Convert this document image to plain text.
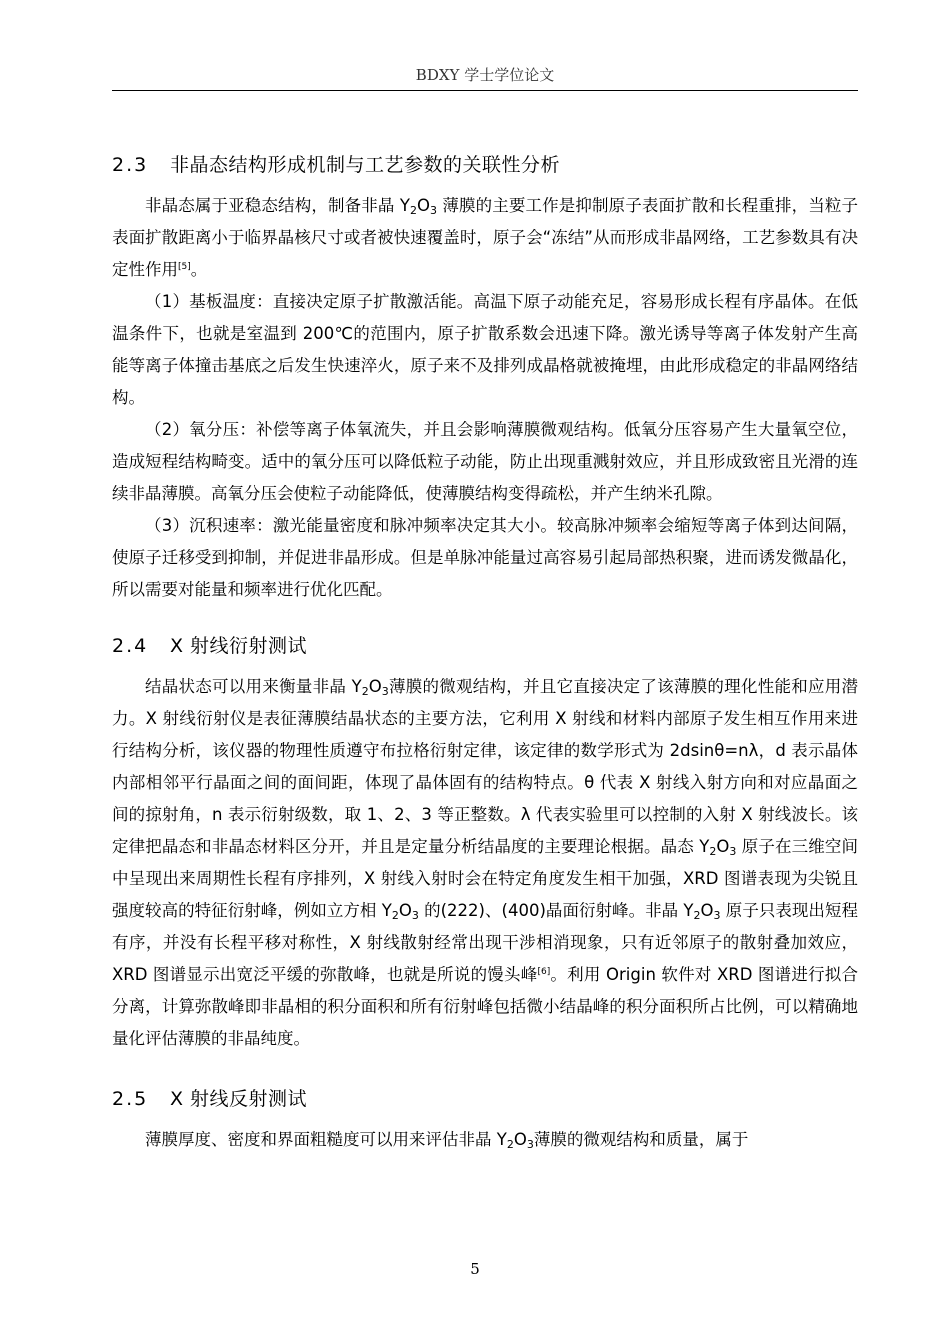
BDXY 学士学位论文
2.3 非晶态结构形成机制与工艺参数的关联性分析

非晶态属于亚稳态结构，制备非晶 $Y_2O_3$ 薄膜的主要工作是抑制原子表面扩散和长程重排，当粒子表面扩散距离小于临界晶核尺寸或者被快速覆盖时，原子会“冻结”从而形成非晶网络，工艺参数具有决定性作用[5]。

（1）基板温度：直接决定原子扩散激活能。高温下原子动能充足，容易形成长程有序晶体。在低温条件下，也就是室温到 200℃的范围内，原子扩散系数会迅速下降。激光诱导等离子体发射产生高能等离子体撞击基底之后发生快速淬火，原子来不及排列成晶格就被掩埋，由此形成稳定的非晶网络结构。

（2）氧分压：补偿等离子体氧流失，并且会影响薄膜微观结构。低氧分压容易产生大量氧空位，造成短程结构畸变。适中的氧分压可以降低粒子动能，防止出现重溅射效应，并且形成致密且光滑的连续非晶薄膜。高氧分压会使粒子动能降低，使薄膜结构变得疏松，并产生纳米孔隙。

（3）沉积速率：激光能量密度和脉冲频率决定其大小。较高脉冲频率会缩短等离子体到达间隔，使原子迁移受到抑制，并促进非晶形成。但是单脉冲能量过高容易引起局部热积聚，进而诱发微晶化，所以需要对能量和频率进行优化匹配。

2.4 X 射线衍射测试

结晶状态可以用来衡量非晶 $Y_2O_3$薄膜的微观结构，并且它直接决定了该薄膜的理化性能和应用潜力。X 射线衍射仪是表征薄膜结晶状态的主要方法，它利用 X 射线和材料内部原子发生相互作用来进行结构分析，该仪器的物理性质遵守布拉格衍射定律，该定律的数学形式为 2dsinθ=nλ，d 表示晶体内部相邻平行晶面之间的面间距，体现了晶体固有的结构特点。θ 代表 X 射线入射方向和对应晶面之间的掠射角，n 表示衍射级数，取 1、2、3 等正整数。λ 代表实验里可以控制的入射 X 射线波长。该定律把晶态和非晶态材料区分开，并且是定量分析结晶度的主要理论根据。晶态 $Y_2O_3$ 原子在三维空间中呈现出来周期性长程有序排列，X 射线入射时会在特定角度发生相干加强，XRD 图谱表现为尖锐且强度较高的特征衍射峰，例如立方相 $Y_2O_3$ 的(222)、(400)晶面衍射峰。非晶 $Y_2O_3$ 原子只表现出短程有序，并没有长程平移对称性，X 射线散射经常出现干涉相消现象，只有近邻原子的散射叠加效应，XRD 图谱显示出宽泛平缓的弥散峰，也就是所说的馒头峰[6]。利用 Origin 软件对 XRD 图谱进行拟合分离，计算弥散峰即非晶相的积分面积和所有衍射峰包括微小结晶峰的积分面积所占比例，可以精确地量化评估薄膜的非晶纯度。

2.5 X 射线反射测试

薄膜厚度、密度和界面粗糙度可以用来评估非晶 $Y_2O_3$薄膜的微观结构和质量，属于

5
